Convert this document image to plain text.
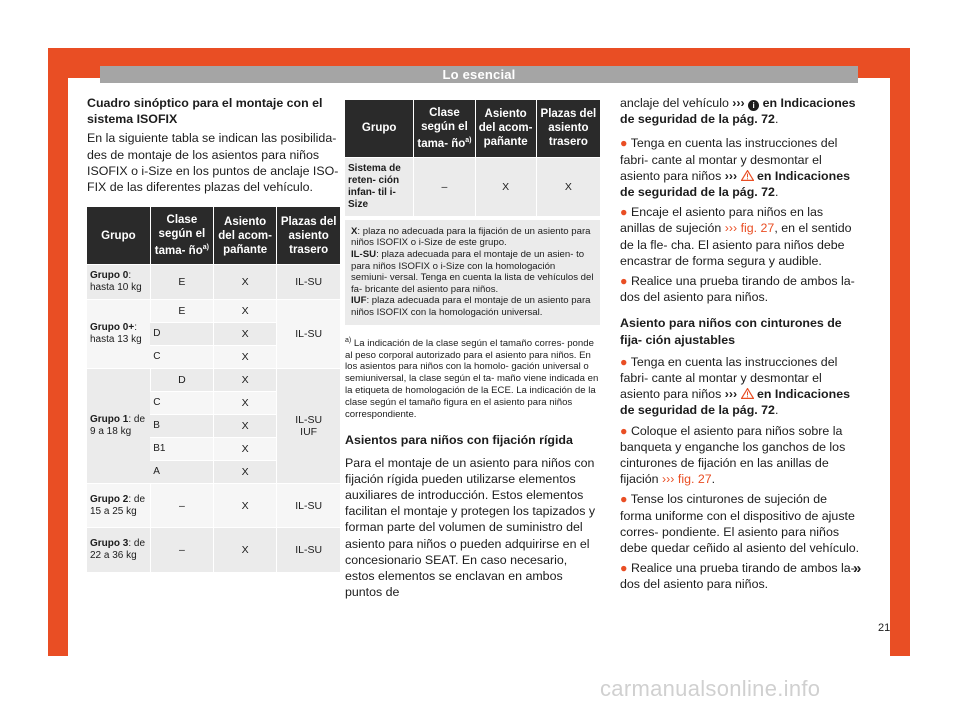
Lo esencial
Cuadro sinóptico para el montaje con el sistema ISOFIX
En la siguiente tabla se indican las posibilida- des de montaje de los asientos para niños ISOFIX o i-Size en los puntos de anclaje ISO- FIX de las diferentes plazas del vehículo.
Grupo	Clase según el tama- $ño^{a)}$	Asiento del acom- pañante	Plazas del asiento trasero
Grupo 0: hasta 10 kg	E	X	IL-SU
Grupo 0+: hasta 13 kg	E	X	IL-SU
	D	X	
	C	X	
Grupo 1: de 9 a 18 kg	D	X	IL-SU IUF
	C	X	
	B	X	
	B1	X	
	A	X	
Grupo 2: de 15 a 25 kg	–	X	IL-SU
Grupo 3: de 22 a 36 kg	–	X	IL-SU
Grupo	Clase según el tama- $ño^{a)}$	Asiento del acom- pañante	Plazas del asiento trasero
Sistema de reten- ción infan- til i-Size	–	X	X
X: plaza no adecuada para la fijación de un asiento para niños ISOFIX o i-Size de este grupo.
IL-SU: plaza adecuada para el montaje de un asien- to para niños ISOFIX o i-Size con la homologación semiuni- versal. Tenga en cuenta la lista de vehículos del fa- bricante del asiento para niños.
IUF: plaza adecuada para el montaje de un asiento para niños ISOFIX con la homologación universal.
$^{a)}$ La indicación de la clase según el tamaño corres- ponde al peso corporal autorizado para el asiento para niños. En los asientos para niños con la homolo- gación universal o semiuniversal, la clase según el ta- maño viene indicada en la etiqueta de homologación de la ECE. La indicación de la clase según el tamaño figura en el asiento para niños correspondiente.
Asientos para niños con fijación rígida
Para el montaje de un asiento para niños con fijación rígida pueden utilizarse elementos auxiliares de introducción. Estos elementos facilitan el montaje y protegen los tapizados y forman parte del volumen de suministro del asiento para niños o pueden adquirirse en el concesionario SEAT. En caso necesario, estos elementos se enclavan en ambos puntos de
anclaje del vehículo ››› i en Indicaciones de seguridad de la pág. 72.
● Tenga en cuenta las instrucciones del fabri- cante al montar y desmontar el asiento para niños ››› en Indicaciones de seguridad de la pág. 72.
● Encaje el asiento para niños en las anillas de sujeción ››› fig. 27, en el sentido de la fle- cha. El asiento para niños debe encastrar de forma segura y audible.
● Realice una prueba tirando de ambos la- dos del asiento para niños.
Asiento para niños con cinturones de fija- ción ajustables
● Tenga en cuenta las instrucciones del fabri- cante al montar y desmontar el asiento para niños ››› en Indicaciones de seguridad de la pág. 72.
● Coloque el asiento para niños sobre la banqueta y enganche los ganchos de los cinturones de fijación en las anillas de fijación ››› fig. 27.
● Tense los cinturones de sujeción de forma uniforme con el dispositivo de ajuste corres- pondiente. El asiento para niños debe quedar ceñido al asiento del vehículo.
● Realice una prueba tirando de ambos la- dos del asiento para niños.
»
21
carmanualsonline.info
